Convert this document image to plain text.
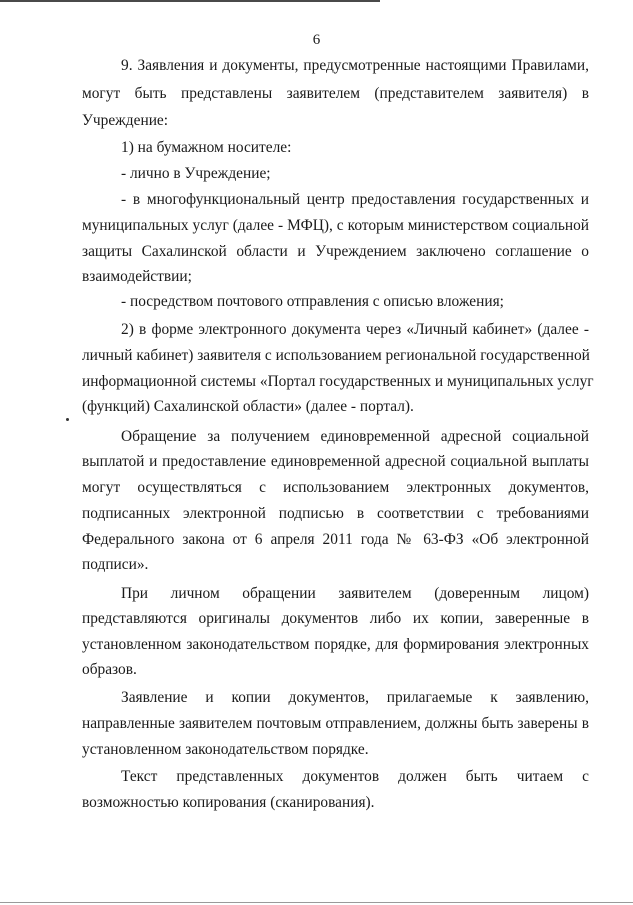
6
9. Заявления и документы, предусмотренные настоящими Правилами,
могут быть представлены заявителем (представителем заявителя) в
Учреждение:
1) на бумажном носителе:
- лично в Учреждение;
- в многофункциональный центр предоставления государственных и
муниципальных услуг (далее - МФЦ), с которым министерством социальной
защиты Сахалинской области и Учреждением заключено соглашение о
взаимодействии;
- посредством почтового отправления с описью вложения;
2) в форме электронного документа через «Личный кабинет» (далее -
личный кабинет) заявителя с использованием региональной государственной
информационной системы «Портал государственных и муниципальных услуг
(функций) Сахалинской области» (далее - портал).
Обращение за получением единовременной адресной социальной
выплатой и предоставление единовременной адресной социальной выплаты
могут осуществляться с использованием электронных документов,
подписанных электронной подписью в соответствии с требованиями
Федерального закона от 6 апреля 2011 года № 63-ФЗ «Об электронной
подписи».
При личном обращении заявителем (доверенным лицом)
представляются оригиналы документов либо их копии, заверенные в
установленном законодательством порядке, для формирования электронных
образов.
Заявление и копии документов, прилагаемые к заявлению,
направленные заявителем почтовым отправлением, должны быть заверены в
установленном законодательством порядке.
Текст представленных документов должен быть читаем с
возможностью копирования (сканирования).
